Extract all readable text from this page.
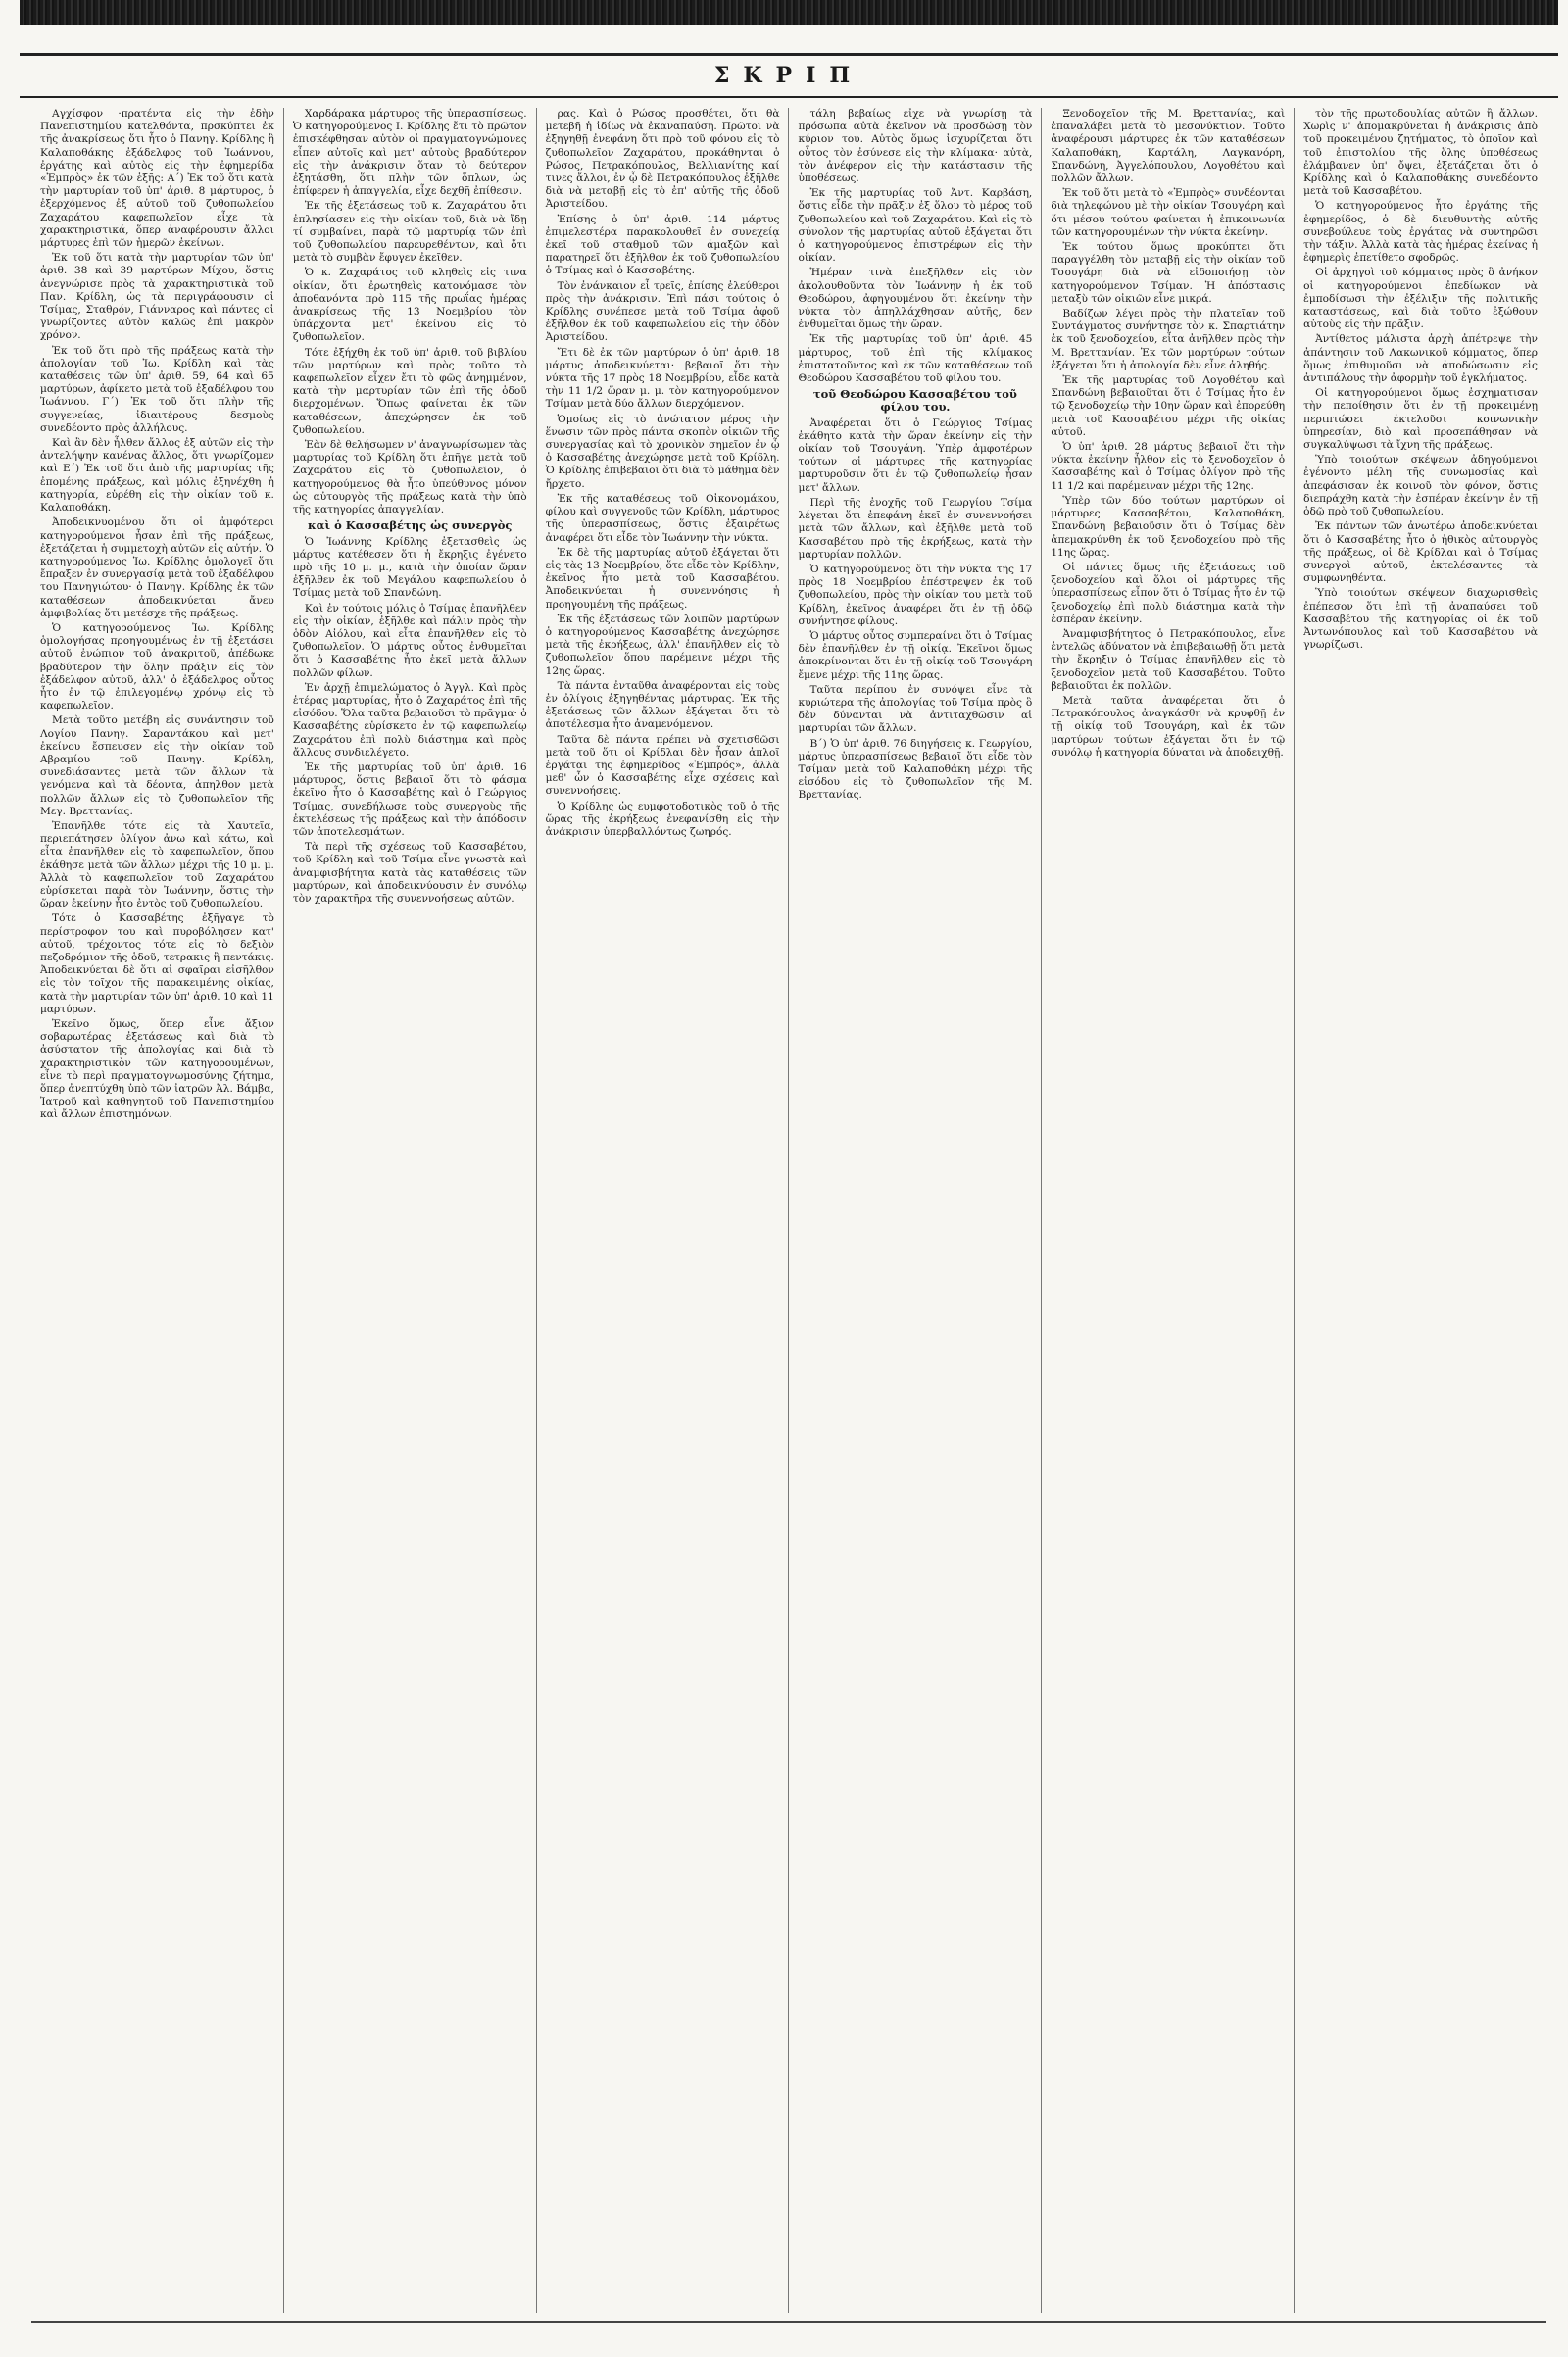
ΣΚΡΙΠ

Αγχίσφον ·πρατέντα εἰς τὴν ἐδὴν Πανεπιστημίου κατελθόντα, πρσκύπτει ἐκ τῆς ἀνακρίσεως ὅτι ἦτο ὁ Πανηγ. Κρίδλης ἢ Καλαποθάκης ἐξάδελφος τοῦ Ἰωάννου, ἐργάτης καὶ αὐτὸς εἰς τὴν ἐφημερίδα «Ἐμπρὸς» ἐκ τῶν ἑξῆς: Α΄) Ἐκ τοῦ ὅτι κατὰ τὴν μαρτυρίαν τοῦ ὑπ' ἀριθ. 8 μάρτυρος, ὁ ἐξερχόμενος ἐξ αὐτοῦ τοῦ ζυθοπωλείου Ζαχαράτου καφεπωλεῖον εἶχε τὰ χαρακτηριστικά, ὅπερ ἀναφέρουσιν ἄλλοι μάρτυρες ἐπὶ τῶν ἡμερῶν ἐκείνων.

Ἐκ τοῦ ὅτι κατὰ τὴν μαρτυρίαν τῶν ὑπ' ἀριθ. 38 καὶ 39 μαρτύρων Μίχου, ὅστις ἀνεγνώρισε πρὸς τὰ χαρακτηριστικὰ τοῦ Παν. Κρίδλη, ὡς τὰ περιγράφουσιν οἱ Τσίμας, Σταθρόν, Γιάνναρος καὶ πάντες οἱ γνωρίζοντες αὐτὸν καλῶς ἐπὶ μακρὸν χρόνον.

Ἐκ τοῦ ὅτι πρὸ τῆς πράξεως κατὰ τὴν ἀπολογίαν τοῦ Ἰω. Κρίδλη καὶ τὰς καταθέσεις τῶν ὑπ' ἀριθ. 59, 64 καὶ 65 μαρτύρων, ἀφίκετο μετὰ τοῦ ἐξαδέλφου του Ἰωάννου. Γ΄) Ἐκ τοῦ ὅτι πλὴν τῆς συγγενείας, ἰδιαιτέρους δεσμοὺς συνεδέοντο πρὸς ἀλλήλους.

Καὶ ἂν δὲν ἦλθεν ἄλλος ἐξ αὐτῶν εἰς τὴν ἀντελήψην κανένας ἄλλος, ὅτι γνωρίζομεν καὶ Ε΄) Ἐκ τοῦ ὅτι ἀπὸ τῆς μαρτυρίας τῆς ἐπομένης πράξεως, καὶ μόλις ἐξηνέχθη ἡ κατηγορία, εὑρέθη εἰς τὴν οἰκίαν τοῦ κ. Καλαποθάκη.

Ἀποδεικνυομένου ὅτι οἱ ἀμφότεροι κατηγορούμενοι ἦσαν ἐπὶ τῆς πράξεως, ἐξετάζεται ἡ συμμετοχὴ αὐτῶν εἰς αὐτήν. Ὁ κατηγορούμενος Ἰω. Κρίδλης ὁμολογεῖ ὅτι ἔπραξεν ἐν συνεργασίᾳ μετὰ τοῦ ἐξαδέλφου του Πανηγιώτου· ὁ Πανηγ. Κρίδλης ἐκ τῶν καταθέσεων ἀποδεικνύεται ἄνευ ἀμφιβολίας ὅτι μετέσχε τῆς πράξεως.

Ὁ κατηγορούμενος Ἰω. Κρίδλης ὁμολογήσας προηγουμένως ἐν τῇ ἐξετάσει αὐτοῦ ἐνώπιον τοῦ ἀνακριτοῦ, ἀπέδωκε βραδύτερον τὴν ὅλην πράξιν εἰς τὸν ἐξάδελφον αὐτοῦ, ἀλλ' ὁ ἐξάδελφος οὗτος ἦτο ἐν τῷ ἐπιλεγομένῳ χρόνῳ εἰς τὸ καφεπωλεῖον.

Μετὰ τοῦτο μετέβη εἰς συνάντησιν τοῦ Λογίου Πανηγ. Σαραντάκου καὶ μετ' ἐκείνου ἔσπευσεν εἰς τὴν οἰκίαν τοῦ Αβραμίου τοῦ Πανηγ. Κρίδλη, συνεδιάσαντες μετὰ τῶν ἄλλων τὰ γενόμενα καὶ τὰ δέοντα, ἀπηλθον μετὰ πολλῶν ἄλλων εἰς τὸ ζυθοπωλεῖον τῆς Μεγ. Βρεττανίας.

Ἐπανῆλθε τότε εἰς τὰ Χαυτεῖα, περιεπάτησεν ὀλίγον ἀνω καὶ κάτω, καὶ εἶτα ἐπανῆλθεν εἰς τὸ καφεπωλεῖον, ὅπου ἐκάθησε μετὰ τῶν ἄλλων μέχρι τῆς 10 μ. μ. Ἀλλὰ τὸ καφεπωλεῖον τοῦ Ζαχαράτου εὑρίσκεται παρὰ τὸν Ἰωάννην, ὅστις τὴν ὥραν ἐκείνην ἦτο ἐντὸς τοῦ ζυθοπωλείου.

Τότε ὁ Κασσαβέτης ἐξῆγαγε τὸ περίστροφον του καὶ πυροβόλησεν κατ' αὐτοῦ, τρέχοντος τότε εἰς τὸ δεξιὸν πεζοδρόμιον τῆς ὁδοῦ, τετρακις ἢ πεντάκις. Ἀποδεικνύεται δὲ ὅτι αἱ σφαῖραι εἰσῆλθον εἰς τὸν τοῖχον τῆς παρακειμένης οἰκίας, κατὰ τὴν μαρτυρίαν τῶν ὑπ' ἀριθ. 10 καὶ 11 μαρτύρων.

Ἐκεῖνο ὅμως, ὅπερ εἶνε ἄξιον σοβαρωτέρας ἐξετάσεως καὶ διὰ τὸ ἀσύστατον τῆς ἀπολογίας καὶ διὰ τὸ χαρακτηριστικὸν τῶν κατηγορουμένων, εἶνε τὸ περὶ πραγματογνωμοσύνης ζήτημα, ὅπερ ἀνεπτύχθη ὑπὸ τῶν ἰατρῶν Ἀλ. Βάμβα, Ἰατροῦ καὶ καθηγητοῦ τοῦ Πανεπιστημίου καὶ ἄλλων ἐπιστημόνων.

Χαρδάρακα μάρτυρος τῆς ὑπερασπίσεως. Ὁ κατηγορούμενος Ι. Κρίδλης ἔτι τὸ πρῶτον ἐπισκέφθησαν αὐτὸν οἱ πραγματογνώμονες εἶπεν αὐτοῖς καὶ μετ' αὐτοὺς βραδύτερον εἰς τὴν ἀνάκρισιν ὅταν τὸ δεύτερον ἐξητάσθη, ὅτι πλὴν τῶν ὅπλων, ὡς ἐπίφερεν ἡ ἀπαγγελία, εἶχε δεχθῆ ἐπίθεσιν.

Ἐκ τῆς ἐξετάσεως τοῦ κ. Ζαχαράτου ὅτι ἐπλησίασεν εἰς τὴν οἰκίαν τοῦ, διὰ νὰ ἴδῃ τί συμβαίνει, παρὰ τῷ μαρτυρίᾳ τῶν ἐπὶ τοῦ ζυθοπωλείου παρευρεθέντων, καὶ ὅτι μετὰ τὸ συμβὰν ἔφυγεν ἐκεῖθεν.

Ὁ κ. Ζαχαράτος τοῦ κληθεὶς εἰς τινα οἰκίαν, ὅτι ἐρωτηθεὶς κατονόμασε τὸν ἀποθανόντα πρὸ 115 τῆς πρωΐας ἡμέρας ἀνακρίσεως τῆς 13 Νοεμβρίου τὸν ὑπάρχοντα μετ' ἐκείνου εἰς τὸ ζυθοπωλεῖον.

Τότε ἐξήχθη ἐκ τοῦ ὑπ' ἀριθ. τοῦ βιβλίου τῶν μαρτύρων καὶ πρὸς τοῦτο τὸ καφεπωλεῖον εἶχεν ἔτι τὸ φῶς ἀνημμένον, κατὰ τὴν μαρτυρίαν τῶν ἐπὶ τῆς ὁδοῦ διερχομένων. Ὅπως φαίνεται ἐκ τῶν καταθέσεων, ἀπεχώρησεν ἐκ τοῦ ζυθοπωλείου.

Ἐὰν δὲ θελήσωμεν ν' ἀναγνωρίσωμεν τὰς μαρτυρίας τοῦ Κρίδλη ὅτι ἐπῆγε μετὰ τοῦ Ζαχαράτου εἰς τὸ ζυθοπωλεῖον, ὁ κατηγορούμενος θὰ ἦτο ὑπεύθυνος μόνον ὡς αὐτουργὸς τῆς πράξεως κατὰ τὴν ὑπὸ τῆς κατηγορίας ἀπαγγελίαν.

καὶ ὁ Κασσαβέτης ὡς συνεργὸς

Ὁ Ἰωάννης Κρίδλης ἐξετασθεὶς ὡς μάρτυς κατέθεσεν ὅτι ἡ ἔκρηξις ἐγένετο πρὸ τῆς 10 μ. μ., κατὰ τὴν ὁποίαν ὥραν ἐξῆλθεν ἐκ τοῦ Μεγάλου καφεπωλείου ὁ Τσίμας μετὰ τοῦ Σπανδώνη.

Καὶ ἐν τούτοις μόλις ὁ Τσίμας ἐπανῆλθεν εἰς τὴν οἰκίαν, ἐξῆλθε καὶ πάλιν πρὸς τὴν ὁδὸν Αἰόλου, καὶ εἶτα ἐπανῆλθεν εἰς τὸ ζυθοπωλεῖον. Ὁ μάρτυς οὗτος ἐνθυμεῖται ὅτι ὁ Κασσαβέτης ἦτο ἐκεῖ μετὰ ἄλλων πολλῶν φίλων.

Ἐν ἀρχῇ ἐπιμελώματος ὁ Ἀγγλ. Καὶ πρὸς ἑτέρας μαρτυρίας, ἦτο ὁ Ζαχαράτος ἐπὶ τῆς εἰσόδου. Ὅλα ταῦτα βεβαιοῦσι τὸ πρᾶγμα· ὁ Κασσαβέτης εὑρίσκετο ἐν τῷ καφεπωλείῳ Ζαχαράτου ἐπὶ πολὺ διάστημα καὶ πρὸς ἄλλους συνδιελέγετο.

Ἐκ τῆς μαρτυρίας τοῦ ὑπ' ἀριθ. 16 μάρτυρος, ὅστις βεβαιοῖ ὅτι τὸ φάσμα ἐκεῖνο ἦτο ὁ Κασσαβέτης καὶ ὁ Γεώργιος Τσίμας, συνεδήλωσε τοὺς συνεργοὺς τῆς ἐκτελέσεως τῆς πράξεως καὶ τὴν ἀπόδοσιν τῶν ἀποτελεσμάτων.

Τὰ περὶ τῆς σχέσεως τοῦ Κασσαβέτου, τοῦ Κρίδλη καὶ τοῦ Τσίμα εἶνε γνωστὰ καὶ ἀναμφισβήτητα κατὰ τὰς καταθέσεις τῶν μαρτύρων, καὶ ἀποδεικνύουσιν ἐν συνόλῳ τὸν χαρακτῆρα τῆς συνεννοήσεως αὐτῶν.

ρας. Καὶ ὁ Ρώσος προσθέτει, ὅτι θὰ μετεβῆ ἡ ἰδίως νὰ ἐκαναπαύση. Πρῶτοι νὰ ἐξηγηθῇ ἐνεφάνη ὅτι πρὸ τοῦ φόνου εἰς τὸ ζυθοπωλεῖον Ζαχαράτου, προκάθηνται ὁ Ρώσος, Πετρακόπουλος, Βελλιανίτης καί τινες ἄλλοι, ἐν ᾧ δὲ Πετρακόπουλος ἐξῆλθε διὰ νὰ μεταβῇ εἰς τὸ ἐπ' αὐτῆς τῆς ὁδοῦ Ἀριστείδου.

Ἐπίσης ὁ ὑπ' ἀριθ. 114 μάρτυς ἐπιμελεστέρα παρακολουθεῖ ἐν συνεχείᾳ ἐκεῖ τοῦ σταθμοῦ τῶν ἁμαξῶν καὶ παρατηρεῖ ὅτι ἐξῆλθον ἐκ τοῦ ζυθοπωλείου ὁ Τσίμας καὶ ὁ Κασσαβέτης.

Τὸν ἐνάνκαιον εἶ τρεῖς, ἐπίσης ἐλεύθεροι πρὸς τὴν ἀνάκρισιν. Ἐπὶ πάσι τούτοις ὁ Κρίδλης συνέπεσε μετὰ τοῦ Τσίμα ἀφοῦ ἐξῆλθον ἐκ τοῦ καφεπωλείου εἰς τὴν ὁδὸν Ἀριστείδου.

Ἔτι δὲ ἐκ τῶν μαρτύρων ὁ ὑπ' ἀριθ. 18 μάρτυς ἀποδεικνύεται· βεβαιοῖ ὅτι τὴν νύκτα τῆς 17 πρὸς 18 Νοεμβρίου, εἶδε κατὰ τὴν 11 1/2 ὥραν μ. μ. τὸν κατηγορούμενον Τσίμαν μετὰ δύο ἄλλων διερχόμενον.

Ὁμοίως εἰς τὸ ἀνώτατον μέρος τὴν ἕνωσιν τῶν πρὸς πάντα σκοπὸν οἰκιῶν τῆς συνεργασίας καὶ τὸ χρονικὸν σημεῖον ἐν ᾧ ὁ Κασσαβέτης ἀνεχώρησε μετὰ τοῦ Κρίδλη. Ὁ Κρίδλης ἐπιβεβαιοῖ ὅτι διὰ τὸ μάθημα δὲν ἤρχετο.

Ἐκ τῆς καταθέσεως τοῦ Οἰκονομάκου, φίλου καὶ συγγενοῦς τῶν Κρίδλη, μάρτυρος τῆς ὑπερασπίσεως, ὅστις ἐξαιρέτως ἀναφέρει ὅτι εἶδε τὸν Ἰωάννην τὴν νύκτα.

Ἐκ δὲ τῆς μαρτυρίας αὐτοῦ ἐξάγεται ὅτι εἰς τὰς 13 Νοεμβρίου, ὅτε εἶδε τὸν Κρίδλην, ἐκεῖνος ἦτο μετὰ τοῦ Κασσαβέτου. Ἀποδεικνύεται ἡ συνεννόησις ἡ προηγουμένη τῆς πράξεως.

Ἐκ τῆς ἐξετάσεως τῶν λοιπῶν μαρτύρων ὁ κατηγορούμενος Κασσαβέτης ἀνεχώρησε μετὰ τῆς ἐκρήξεως, ἀλλ' ἐπανῆλθεν εἰς τὸ ζυθοπωλεῖον ὅπου παρέμεινε μέχρι τῆς 12ης ὥρας.

Τὰ πάντα ἐνταῦθα ἀναφέρονται εἰς τοὺς ἐν ὀλίγοις ἐξηγηθέντας μάρτυρας. Ἐκ τῆς ἐξετάσεως τῶν ἄλλων ἐξάγεται ὅτι τὸ ἀποτέλεσμα ἦτο ἀναμενόμενον.

Ταῦτα δὲ πάντα πρέπει νὰ σχετισθῶσι μετὰ τοῦ ὅτι οἱ Κρίδλαι δὲν ἦσαν ἀπλοῖ ἐργάται τῆς ἐφημερίδος «Ἐμπρός», ἀλλὰ μεθ' ὧν ὁ Κασσαβέτης εἶχε σχέσεις καὶ συνεννοήσεις.

Ὁ Κρίδλης ὡς ευμφοτοδοτικὸς τοῦ ὁ τῆς ὥρας τῆς ἐκρήξεως ἐνεφανίσθη εἰς τὴν ἀνάκρισιν ὑπερβαλλόντως ζωηρός.

τάλη βεβαίως εἶχε νὰ γνωρίσῃ τὰ πρόσωπα αὐτὰ ἐκεῖνον νὰ προσδώσῃ τὸν κύριον του. Αὐτὸς ὅμως ἰσχυρίζεται ὅτι οὗτος τὸν ἐσύνεσε εἰς τὴν κλίμακα· αὐτὰ, τὸν ἀνέφερον εἰς τὴν κατάστασιν τῆς ὑποθέσεως.

Ἐκ τῆς μαρτυρίας τοῦ Ἀντ. Καρβάση, ὅστις εἶδε τὴν πρᾶξιν ἐξ ὅλου τὸ μέρος τοῦ ζυθοπωλείου καὶ τοῦ Ζαχαράτου. Καὶ εἰς τὸ σύνολον τῆς μαρτυρίας αὐτοῦ ἐξάγεται ὅτι ὁ κατηγορούμενος ἐπιστρέφων εἰς τὴν οἰκίαν.

Ἡμέραν τινὰ ἐπεξῆλθεν εἰς τὸν ἀκολουθοῦντα τὸν Ἰωάννην ἡ ἐκ τοῦ Θεοδώρου, ἀφηγουμένου ὅτι ἐκείνην τὴν νύκτα τὸν ἀπηλλάχθησαν αὐτῆς, δεν ἐνθυμεῖται ὅμως τὴν ὥραν.

Ἐκ τῆς μαρτυρίας τοῦ ὑπ' ἀριθ. 45 μάρτυρος, τοῦ ἐπὶ τῆς κλίμακος ἐπιστατοῦντος καὶ ἐκ τῶν καταθέσεων τοῦ Θεοδώρου Κασσαβέτου τοῦ φίλου του.

τοῦ Θεοδώρου Κασσαβέτου τοῦ φίλου του.

Ἀναφέρεται ὅτι ὁ Γεώργιος Τσίμας ἐκάθητο κατὰ τὴν ὥραν ἐκείνην εἰς τὴν οἰκίαν τοῦ Τσουγάνη. Ὑπὲρ ἀμφοτέρων τούτων οἱ μάρτυρες τῆς κατηγορίας μαρτυροῦσιν ὅτι ἐν τῷ ζυθοπωλείῳ ἦσαν μετ' ἄλλων.

Περὶ τῆς ἐνοχῆς τοῦ Γεωργίου Τσίμα λέγεται ὅτι ἐπεφάνη ἐκεῖ ἐν συνεννοήσει μετὰ τῶν ἄλλων, καὶ ἐξῆλθε μετὰ τοῦ Κασσαβέτου πρὸ τῆς ἐκρήξεως, κατὰ τὴν μαρτυρίαν πολλῶν.

Ὁ κατηγορούμενος ὅτι τὴν νύκτα τῆς 17 πρὸς 18 Νοεμβρίου ἐπέστρεψεν ἐκ τοῦ ζυθοπωλείου, πρὸς τὴν οἰκίαν του μετὰ τοῦ Κρίδλη, ἐκεῖνος ἀναφέρει ὅτι ἐν τῇ ὁδῷ συνήντησε φίλους.

Ὁ μάρτυς οὗτος συμπεραίνει ὅτι ὁ Τσίμας δὲν ἐπανῆλθεν ἐν τῇ οἰκίᾳ. Ἐκεῖνοι ὅμως ἀποκρίνονται ὅτι ἐν τῇ οἰκίᾳ τοῦ Τσουγάρη ἔμενε μέχρι τῆς 11ης ὥρας.

Ταῦτα περίπου ἐν συνόψει εἶνε τὰ κυριώτερα τῆς ἀπολογίας τοῦ Τσίμα πρὸς ὃ δὲν δύνανται νὰ ἀντιταχθῶσιν αἱ μαρτυρίαι τῶν ἄλλων.

Β΄) Ὁ ὑπ' ἀριθ. 76 διηγήσεις κ. Γεωργίου, μάρτυς ὑπερασπίσεως βεβαιοῖ ὅτι εἶδε τὸν Τσίμαν μετὰ τοῦ Καλαποθάκη μέχρι τῆς εἰσόδου εἰς τὸ ζυθοπωλεῖον τῆς Μ. Βρεττανίας.

Ξενοδοχεῖον τῆς Μ. Βρεττανίας, καὶ ἐπαναλάβει μετὰ τὸ μεσονύκτιον. Τοῦτο ἀναφέρουσι μάρτυρες ἐκ τῶν καταθέσεων Καλαποθάκη, Καρτάλη, Λαγκανόρη, Σπανδώνη, Ἀγγελόπουλου, Λογοθέτου καὶ πολλῶν ἄλλων.

Ἐκ τοῦ ὅτι μετὰ τὸ «Ἐμπρὸς» συνδέονται διὰ τηλεφώνου μὲ τὴν οἰκίαν Τσουγάρη καὶ ὅτι μέσου τούτου φαίνεται ἡ ἐπικοινωνία τῶν κατηγορουμένων τὴν νύκτα ἐκείνην.

Ἐκ τούτου ὅμως προκύπτει ὅτι παραγγέλθη τὸν μεταβῇ εἰς τὴν οἰκίαν τοῦ Τσουγάρη διὰ νὰ εἰδοποιήσῃ τὸν κατηγορούμενον Τσίμαν. Ἡ ἀπόστασις μεταξὺ τῶν οἰκιῶν εἶνε μικρά.

Βαδίζων λέγει πρὸς τὴν πλατεῖαν τοῦ Συντάγματος συνήντησε τὸν κ. Σπαρτιάτην ἐκ τοῦ ξενοδοχείου, εἶτα ἀνῆλθεν πρὸς τὴν Μ. Βρεττανίαν. Ἐκ τῶν μαρτύρων τούτων ἐξάγεται ὅτι ἡ ἀπολογία δὲν εἶνε ἀληθής.

Ἐκ τῆς μαρτυρίας τοῦ Λογοθέτου καὶ Σπανδώνη βεβαιοῦται ὅτι ὁ Τσίμας ἦτο ἐν τῷ ξενοδοχείῳ τὴν 10ην ὥραν καὶ ἐπορεύθη μετὰ τοῦ Κασσαβέτου μέχρι τῆς οἰκίας αὐτοῦ.

Ὁ ὑπ' ἀριθ. 28 μάρτυς βεβαιοῖ ὅτι τὴν νύκτα ἐκείνην ἦλθον εἰς τὸ ξενοδοχεῖον ὁ Κασσαβέτης καὶ ὁ Τσίμας ὀλίγον πρὸ τῆς 11 1/2 καὶ παρέμειναν μέχρι τῆς 12ης.

Ὑπὲρ τῶν δύο τούτων μαρτύρων οἱ μάρτυρες Κασσαβέτου, Καλαποθάκη, Σπανδώνη βεβαιοῦσιν ὅτι ὁ Τσίμας δὲν ἀπεμακρύνθη ἐκ τοῦ ξενοδοχείου πρὸ τῆς 11ης ὥρας.

Οἱ πάντες ὅμως τῆς ἐξετάσεως τοῦ ξενοδοχείου καὶ ὅλοι οἱ μάρτυρες τῆς ὑπερασπίσεως εἶπον ὅτι ὁ Τσίμας ἦτο ἐν τῷ ξενοδοχείῳ ἐπὶ πολὺ διάστημα κατὰ τὴν ἐσπέραν ἐκείνην.

Ἀναμφισβήτητος ὁ Πετρακόπουλος, εἶνε ἐντελῶς ἀδύνατον νὰ ἐπιβεβαιωθῇ ὅτι μετὰ τὴν ἔκρηξιν ὁ Τσίμας ἐπανῆλθεν εἰς τὸ ξενοδοχεῖον μετὰ τοῦ Κασσαβέτου. Τοῦτο βεβαιοῦται ἐκ πολλῶν.

Μετὰ ταῦτα ἀναφέρεται ὅτι ὁ Πετρακόπουλος ἀναγκάσθη νὰ κρυφθῇ ἐν τῇ οἰκίᾳ τοῦ Τσουγάρη, καὶ ἐκ τῶν μαρτύρων τούτων ἐξάγεται ὅτι ἐν τῷ συνόλῳ ἡ κατηγορία δύναται νὰ ἀποδειχθῇ.

τὸν τῆς πρωτοδουλίας αὐτῶν ἢ ἄλλων. Χωρὶς ν' ἀπομακρύνεται ἡ ἀνάκρισις ἀπὸ τοῦ προκειμένου ζητήματος, τὸ ὁποῖον καὶ τοῦ ἐπιστολίου τῆς ὅλης ὑποθέσεως ἐλάμβανεν ὑπ' ὄψει, ἐξετάζεται ὅτι ὁ Κρίδλης καὶ ὁ Καλαποθάκης συνεδέοντο μετὰ τοῦ Κασσαβέτου.

Ὁ κατηγορούμενος ἦτο ἐργάτης τῆς ἐφημερίδος, ὁ δὲ διευθυντὴς αὐτῆς συνεβούλευε τοὺς ἐργάτας νὰ συντηρῶσι τὴν τάξιν. Ἀλλὰ κατὰ τὰς ἡμέρας ἐκείνας ἡ ἐφημερὶς ἐπετίθετο σφοδρῶς.

Οἱ ἀρχηγοὶ τοῦ κόμματος πρὸς ὃ ἀνήκον οἱ κατηγορούμενοι ἐπεδίωκον νὰ ἐμποδίσωσι τὴν ἐξέλιξιν τῆς πολιτικῆς καταστάσεως, καὶ διὰ τοῦτο ἐξώθουν αὐτοὺς εἰς τὴν πρᾶξιν.

Ἀντίθετος μάλιστα ἀρχὴ ἀπέτρεψε τὴν ἀπάντησιν τοῦ Λακωνικοῦ κόμματος, ὅπερ ὅμως ἐπιθυμοῦσι νὰ ἀποδώσωσιν εἰς ἀντιπάλους τὴν ἀφορμὴν τοῦ ἐγκλήματος.

Οἱ κατηγορούμενοι ὅμως ἐσχηματισαν τὴν πεποίθησιν ὅτι ἐν τῇ προκειμένῃ περιπτώσει ἐκτελοῦσι κοινωνικὴν ὑπηρεσίαν, διὸ καὶ προσεπάθησαν νὰ συγκαλύψωσι τὰ ἴχνη τῆς πράξεως.

Ὑπὸ τοιούτων σκέψεων ἀδηγούμενοι ἐγένοντο μέλη τῆς συνωμοσίας καὶ ἀπεφάσισαν ἐκ κοινοῦ τὸν φόνον, ὅστις διεπράχθη κατὰ τὴν ἑσπέραν ἐκείνην ἐν τῇ ὁδῷ πρὸ τοῦ ζυθοπωλείου.

Ἐκ πάντων τῶν ἀνωτέρω ἀποδεικνύεται ὅτι ὁ Κασσαβέτης ἦτο ὁ ἠθικὸς αὐτουργὸς τῆς πράξεως, οἱ δὲ Κρίδλαι καὶ ὁ Τσίμας συνεργοὶ αὐτοῦ, ἐκτελέσαντες τὰ συμφωνηθέντα.

Ὑπὸ τοιούτων σκέψεων διαχωρισθεὶς ἐπέπεσον ὅτι ἐπὶ τῇ ἀναπαύσει τοῦ Κασσαβέτου τῆς κατηγορίας οἱ ἐκ τοῦ Ἀντωνόπουλος καὶ τοῦ Κασσαβέτου νὰ γνωρίζωσι.
